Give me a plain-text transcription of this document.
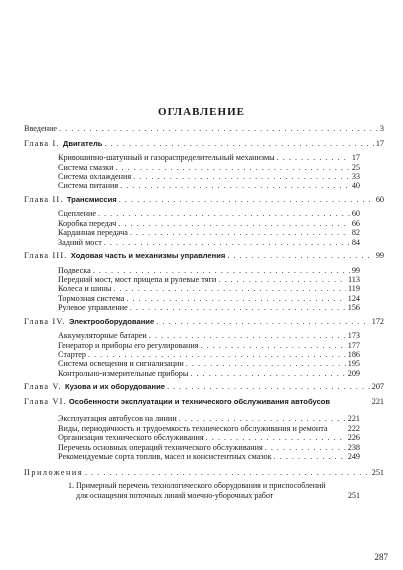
ОГЛАВЛЕНИЕ
Введение . . .	3
Глава I. Двигатель . . .	17
Кривошипно-шатунный и газораспределительный механизмы . . .	17
Система смазки . . .	25
Система охлаждения . . .	33
Система питания . . .	40
Глава II. Трансмиссия . . .	60
Сцепление . . .	60
Коробка передач . . .	66
Карданная передача . . .	82
Задний мост . . .	84
Глава III. Ходовая часть и механизмы управления . . .	99
Подвеска . . .	99
Передний мост, мост прицепа и рулевые тяги . . .	113
Колеса и шины . . .	119
Тормозная система . . .	124
Рулевое управление . . .	156
Глава IV. Электрооборудование . . .	172
Аккумуляторные батареи . . .	173
Генератор и приборы его регулирования . . .	177
Стартер . . .	186
Система освещения и сигнализации . . .	195
Контрольно-измерительные приборы . . .	209
Глава V. Кузова и их оборудование . . .	207
Глава VI. Особенности эксплуатации и технического обслуживания автобусов	221
Эксплуатация автобусов на линии . . .	221
Виды, периодичность и трудоемкость технического обслуживания и ремонта	222
Организация технического обслуживания . . .	226
Перечень основных операций технического обслуживания . . .	238
Рекомендуемые сорта топлив, масел и консистентных смазок . . .	249
Приложения . . .	251
1. Примерный перечень технологического оборудования и приспособлений для оснащения поточных линий моечно-уборочных работ	251
287
